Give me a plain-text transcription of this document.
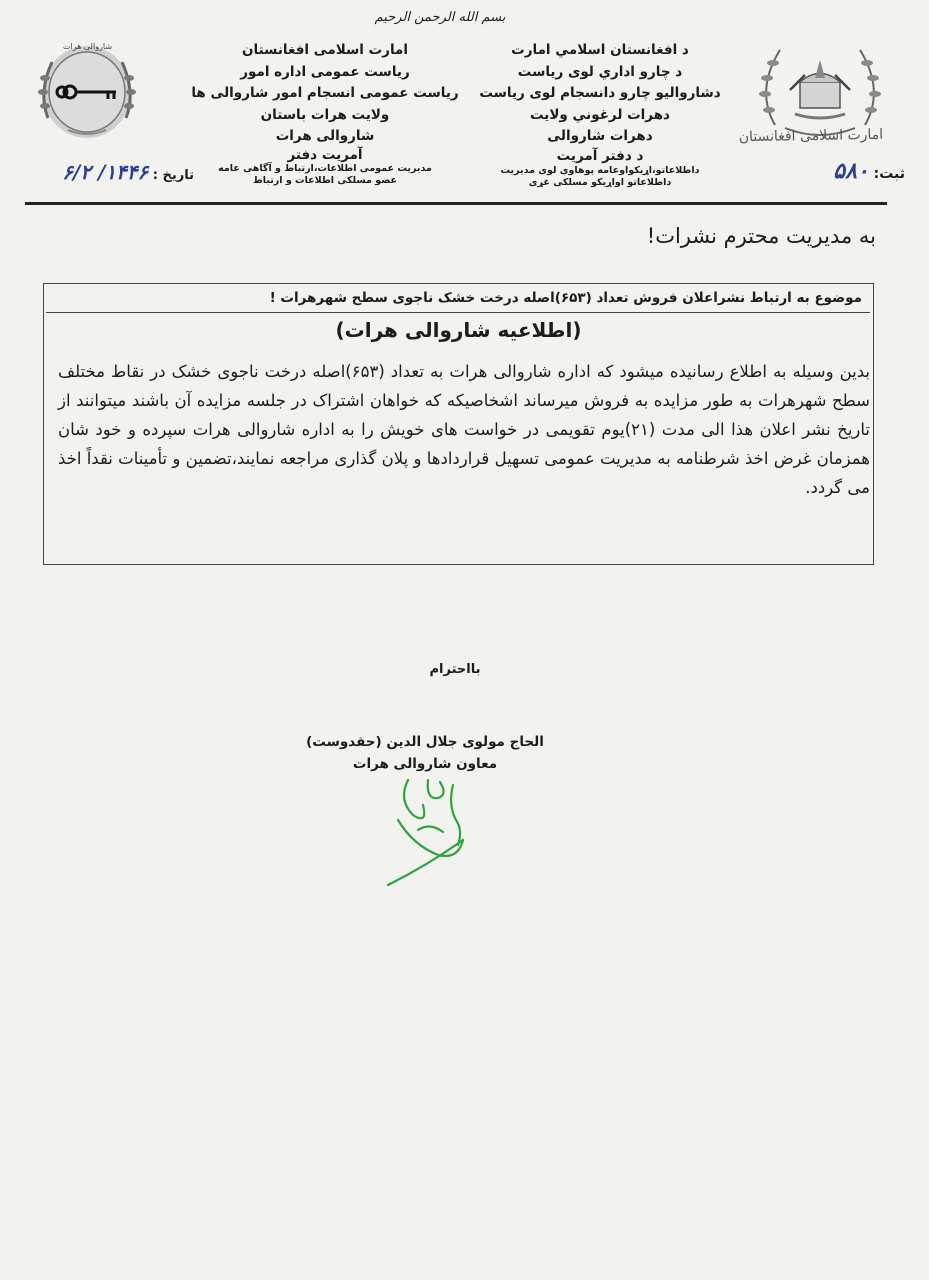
بسم الله الرحمن الرحیم
شاروالی هرات	امارت اسلامی افغانستان
ریاست عمومی اداره امور
ریاست عمومی انسجام امور شاروالی ها
ولایت هرات باستان
شاروالی هرات
آمریت دفتر
مدیریت عمومی اطلاعات،ارتباط و آگاهی عامه
عضو مسلکی اطلاعات و ارتباط
د افغانستان اسلامي امارت
د چارو اداري لوى رياست
دشاروالیو چارو دانسجام لوی ریاست
دهرات لرغوني ولايت
دهرات شاروالی
د دفتر آمريت
داطلاعاتو،اړیکواوعامه پوهاوی لوی مدیریت
داطلاعاتو اواړیکو مسلکی غړی
امارت اسلامی افغانستان
ثبت: ۵۸۰
تاریخ : ۱۴۴۶/ ۶/۲
به مدیریت محترم نشرات!
موضوع به ارتباط نشراعلان فروش تعداد (۶۵۳)اصله درخت خشک ناجوی سطح شهرهرات !
(اطلاعیه شاروالی هرات)
بدین وسیله به اطلاع رسانیده میشود که اداره شاروالی هرات به تعداد (۶۵۳)اصله درخت ناجوی خشک در نقاط مختلف سطح شهرهرات به طور مزایده به فروش میرساند اشخاصیکه که خواهان اشتراک در جلسه مزایده آن باشند میتوانند از تاریخ نشر اعلان هذا الی مدت (۲۱)یوم تقویمی در خواست های خویش را به اداره شاروالی هرات سپرده و خود شان همزمان غرض اخذ شرطنامه به مدیریت عمومی تسهیل قراردادها و پلان گذاری مراجعه نمایند،تضمین و تأمینات نقداً اخذ می گردد.
بااحترام
الحاج مولوی جلال الدین (حقدوست)
معاون شاروالی هرات
